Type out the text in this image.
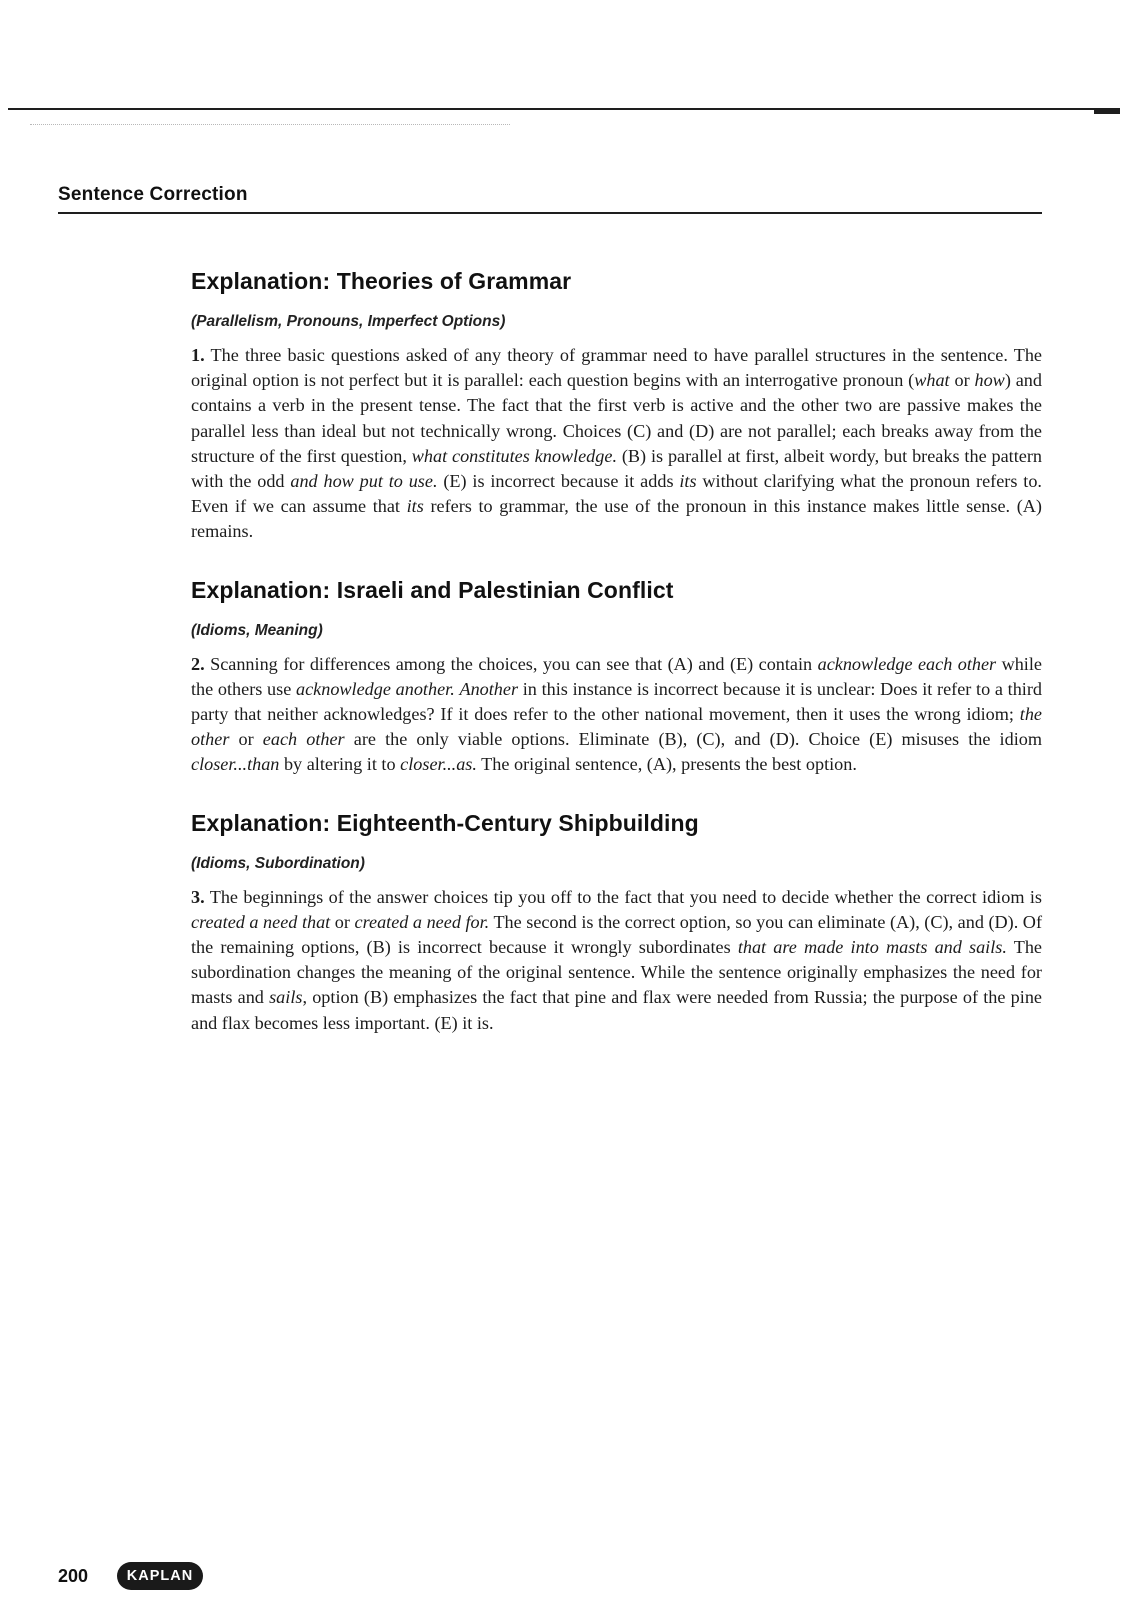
Sentence Correction
Explanation: Theories of Grammar
(Parallelism, Pronouns, Imperfect Options)

1. The three basic questions asked of any theory of grammar need to have parallel structures in the sentence. The original option is not perfect but it is parallel: each question begins with an interrogative pronoun (what or how) and contains a verb in the present tense. The fact that the first verb is active and the other two are passive makes the parallel less than ideal but not technically wrong. Choices (C) and (D) are not parallel; each breaks away from the structure of the first question, what constitutes knowledge. (B) is parallel at first, albeit wordy, but breaks the pattern with the odd and how put to use. (E) is incorrect because it adds its without clarifying what the pronoun refers to. Even if we can assume that its refers to grammar, the use of the pronoun in this instance makes little sense. (A) remains.

Explanation: Israeli and Palestinian Conflict
(Idioms, Meaning)

2. Scanning for differences among the choices, you can see that (A) and (E) contain acknowledge each other while the others use acknowledge another. Another in this instance is incorrect because it is unclear: Does it refer to a third party that neither acknowledges? If it does refer to the other national movement, then it uses the wrong idiom; the other or each other are the only viable options. Eliminate (B), (C), and (D). Choice (E) misuses the idiom closer...than by altering it to closer...as. The original sentence, (A), presents the best option.

Explanation: Eighteenth-Century Shipbuilding
(Idioms, Subordination)

3. The beginnings of the answer choices tip you off to the fact that you need to decide whether the correct idiom is created a need that or created a need for. The second is the correct option, so you can eliminate (A), (C), and (D). Of the remaining options, (B) is incorrect because it wrongly subordinates that are made into masts and sails. The subordination changes the meaning of the original sentence. While the sentence originally emphasizes the need for masts and sails, option (B) emphasizes the fact that pine and flax were needed from Russia; the purpose of the pine and flax becomes less important. (E) it is.

200	KAPLAN
